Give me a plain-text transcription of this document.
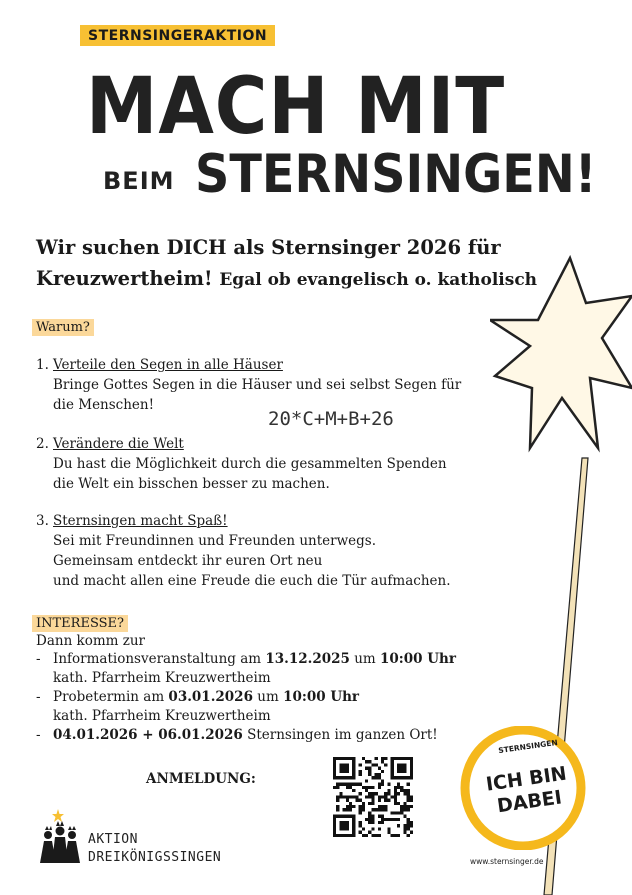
STERNSINGERAKTION
MACH MIT
BEIM STERNSINGEN!
Wir suchen DICH als Sternsinger 2026 für
Kreuzwertheim! Egal ob evangelisch o. katholisch
Warum?
1. Verteile den Segen in alle Häuser
Bringe Gottes Segen in die Häuser und sei selbst Segen für
die Menschen!
20*C+M+B+26
2. Verändere die Welt
Du hast die Möglichkeit durch die gesammelten Spenden
die Welt ein bisschen besser zu machen.
3. Sternsingen macht Spaß!
Sei mit Freundinnen und Freunden unterwegs.
Gemeinsam entdeckt ihr euren Ort neu
und macht allen eine Freude die euch die Tür aufmachen.
INTERESSE?
Dann komm zur
- Informationsveranstaltung am 13.12.2025 um 10:00 Uhr
kath. Pfarrheim Kreuzwertheim
- Probetermin am 03.01.2026 um 10:00 Uhr
kath. Pfarrheim Kreuzwertheim
- 04.01.2026 + 06.01.2026 Sternsingen im ganzen Ort!
ANMELDUNG:
AKTION
DREIKÖNIGSSINGEN
STERNSINGEN
ICH BIN
DABEI
www.sternsinger.de
